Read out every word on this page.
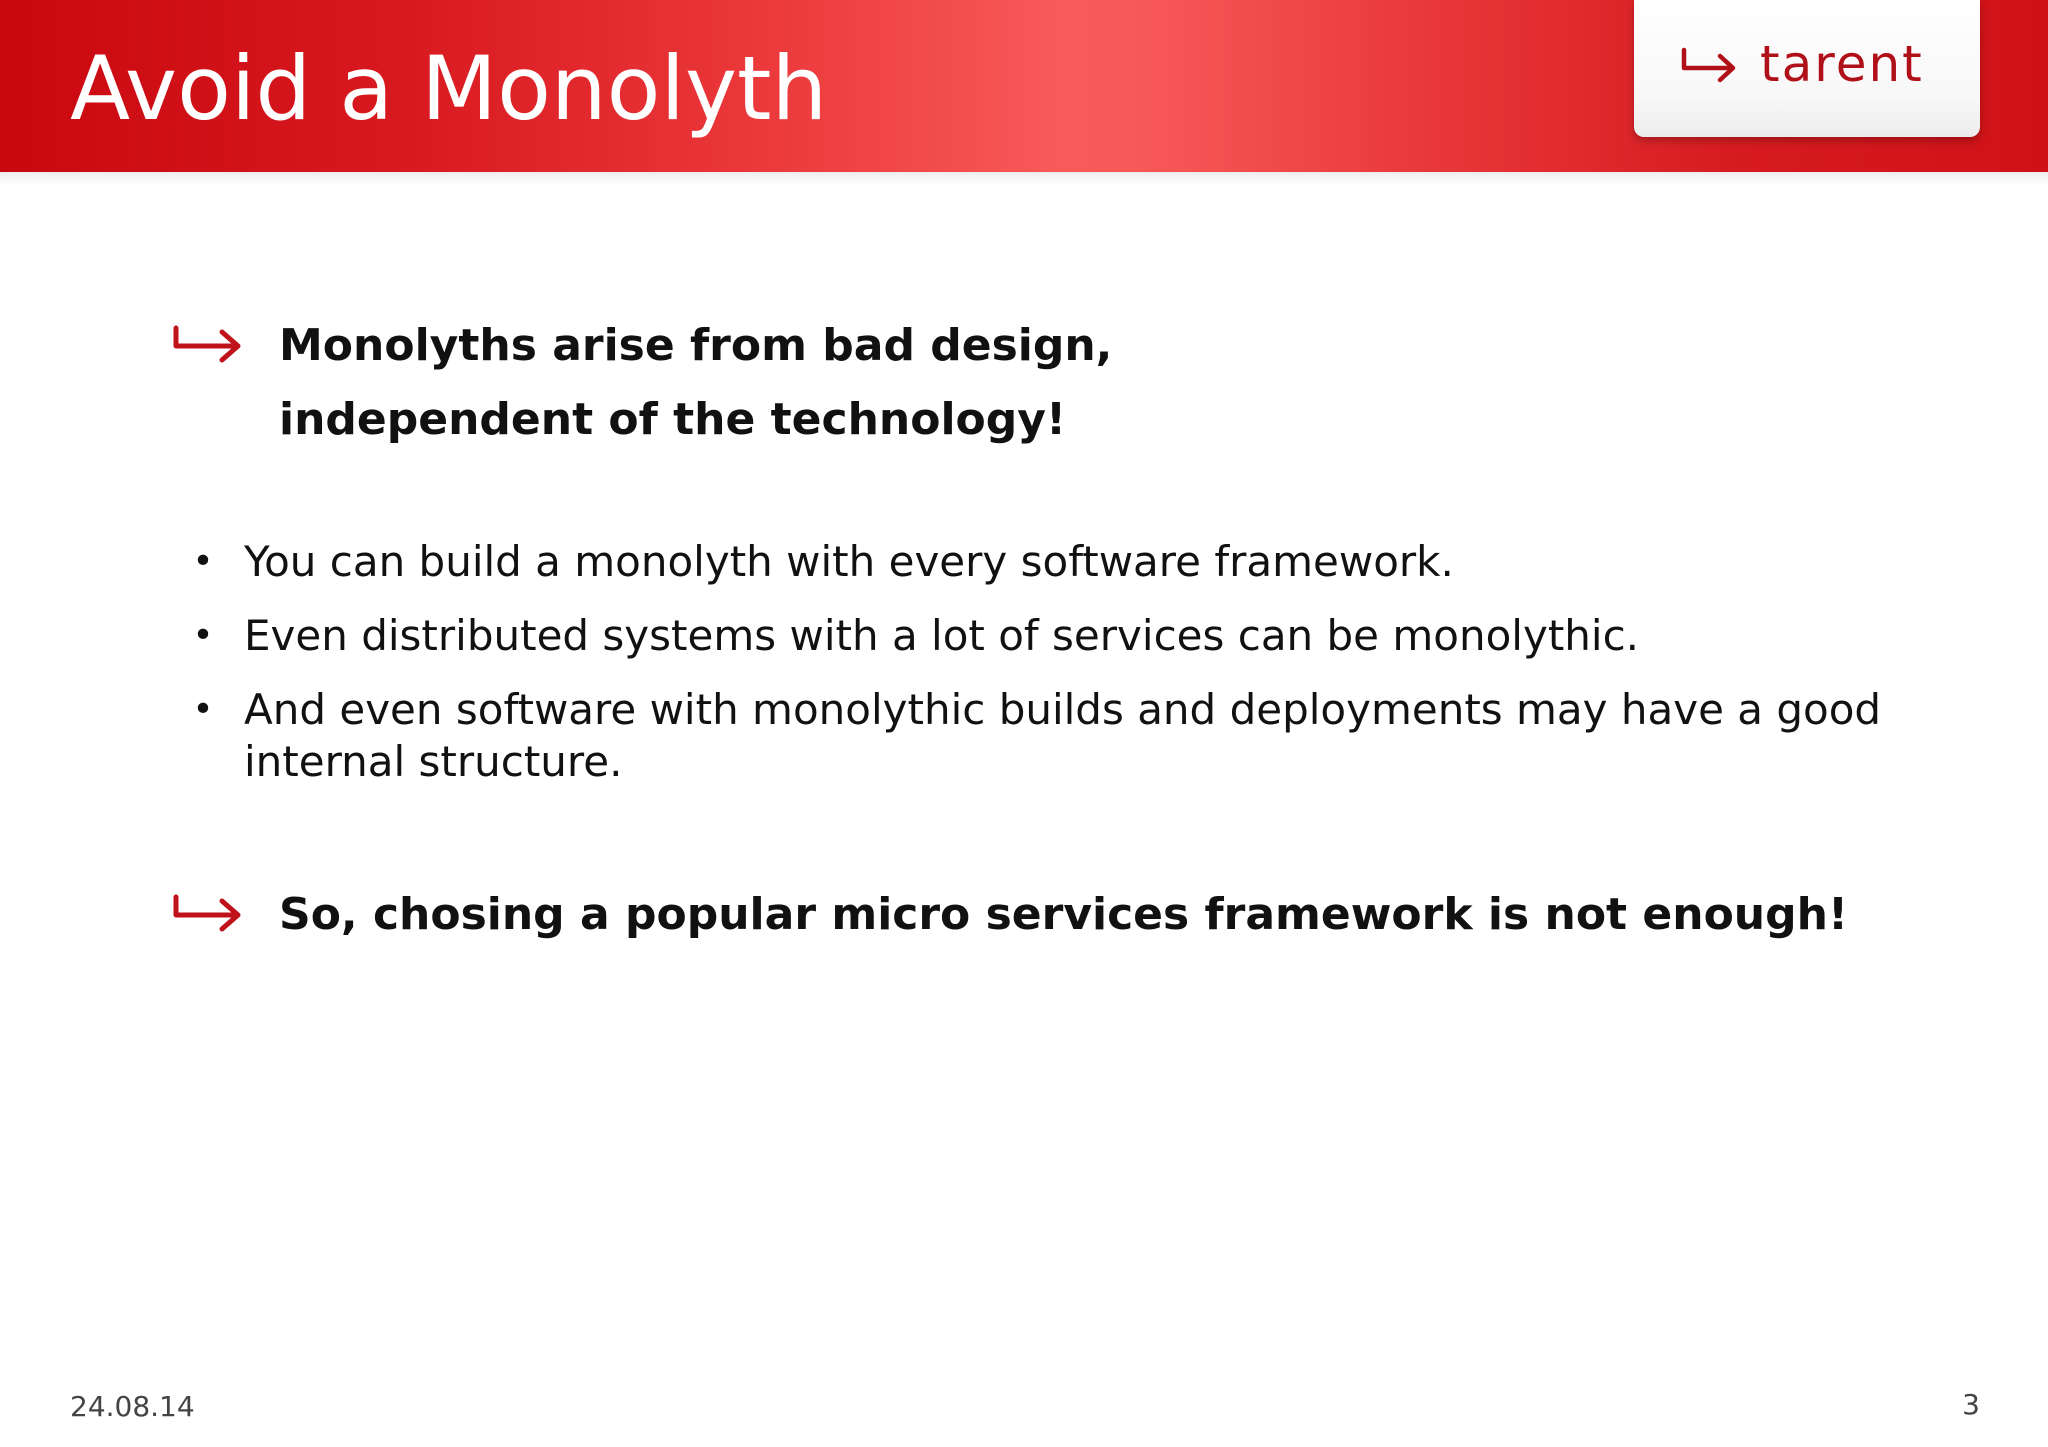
Avoid a Monolyth	tarent
Monolyths arise from bad design,
independent of the technology!
• You can build a monolyth with every software framework.
• Even distributed systems with a lot of services can be monolythic.
• And even software with monolythic builds and deployments may have a good internal structure.
So, chosing a popular micro services framework is not enough!
24.08.14	3
